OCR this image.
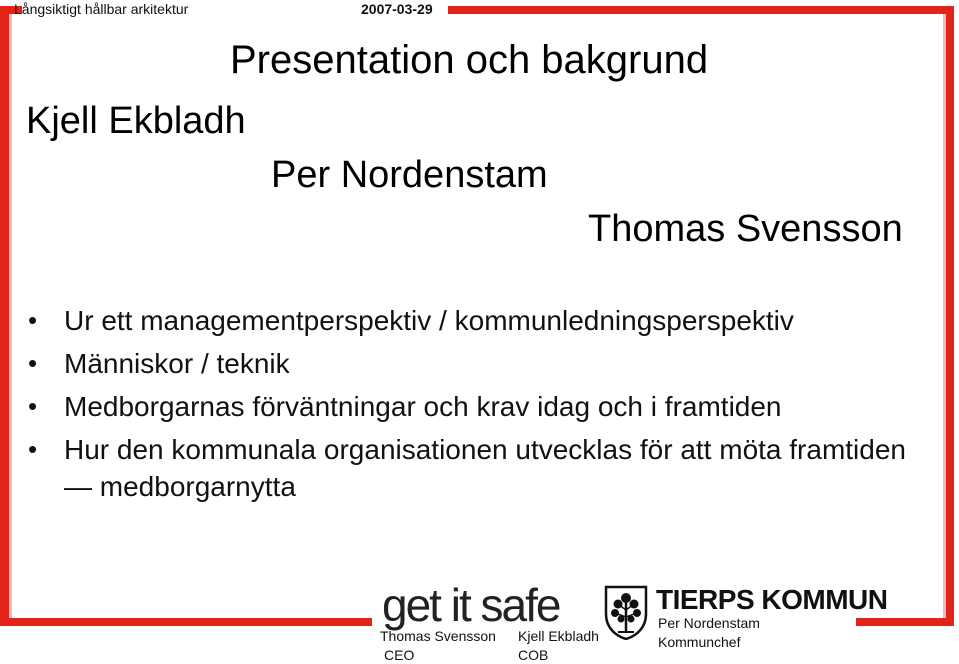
Långsiktigt hållbar arkitektur	2007-03-29
Presentation och bakgrund
Kjell Ekbladh
Per Nordenstam
Thomas Svensson
• Ur ett managementperspektiv / kommunledningsperspektiv
• Människor / teknik
• Medborgarnas förväntningar och krav idag och i framtiden
• Hur den kommunala organisationen utvecklas för att möta framtiden — medborgarnytta
get it safe	TIERPS KOMMUN
Thomas Svensson
CEO
Kjell Ekbladh
COB
Per Nordenstam
Kommunchef
